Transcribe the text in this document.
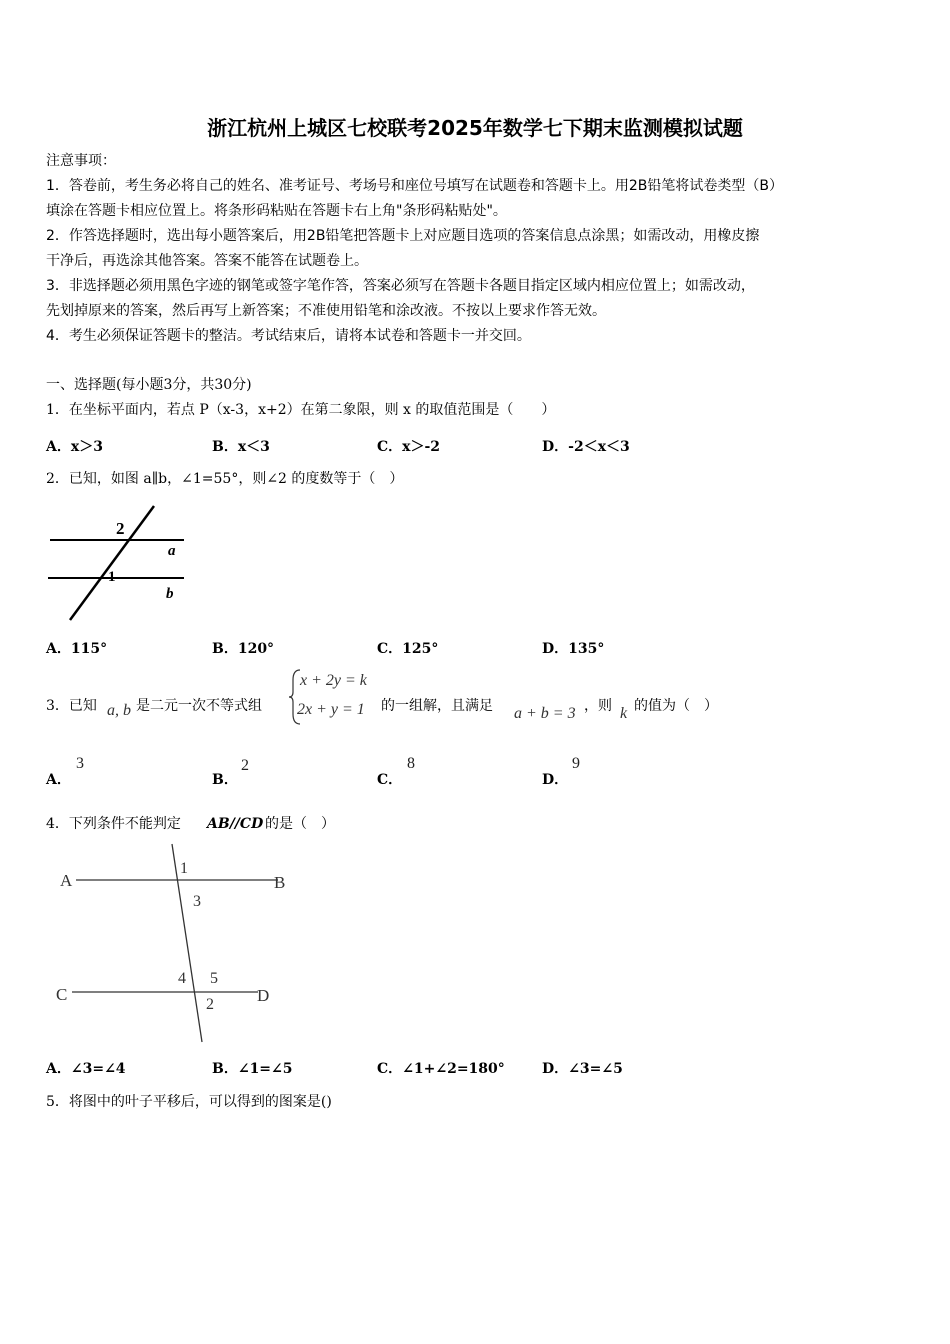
浙江杭州上城区七校联考2025年数学七下期末监测模拟试题
注意事项：
1．答卷前，考生务必将自己的姓名、准考证号、考场号和座位号填写在试题卷和答题卡上。用2B铅笔将试卷类型（B）
填涂在答题卡相应位置上。将条形码粘贴在答题卡右上角"条形码粘贴处"。
2．作答选择题时，选出每小题答案后，用2B铅笔把答题卡上对应题目选项的答案信息点涂黑；如需改动，用橡皮擦
干净后，再选涂其他答案。答案不能答在试题卷上。
3．非选择题必须用黑色字迹的钢笔或签字笔作答，答案必须写在答题卡各题目指定区域内相应位置上；如需改动，
先划掉原来的答案，然后再写上新答案；不准使用铅笔和涂改液。不按以上要求作答无效。
4．考生必须保证答题卡的整洁。考试结束后，请将本试卷和答题卡一并交回。
一、选择题(每小题3分，共30分)
1．在坐标平面内，若点 P（x-3，x+2）在第二象限，则 x 的取值范围是（　　）
A．x＞3	B．x＜3	C．x＞-2	D．-2＜x＜3
2．已知，如图 a∥b，∠1=55°，则∠2 的度数等于（　）
2
a
1
b
A．115°	B．120°	C．125°	D．135°
3．已知 a, b 是二元一次不等式组
x + 2y = k
2x + y = 1 的一组解，且满足 a + b = 3 ，则 k 的值为（　）
A．
3
B．
2
C．
8
D．
9
4．下列条件不能判定 AB//CD 的是（　）
A	B
1
3
4 5
C	D
2
A．∠3=∠4	B．∠1=∠5	C．∠1+∠2=180°	D．∠3=∠5
5．将图中的叶子平移后，可以得到的图案是()
